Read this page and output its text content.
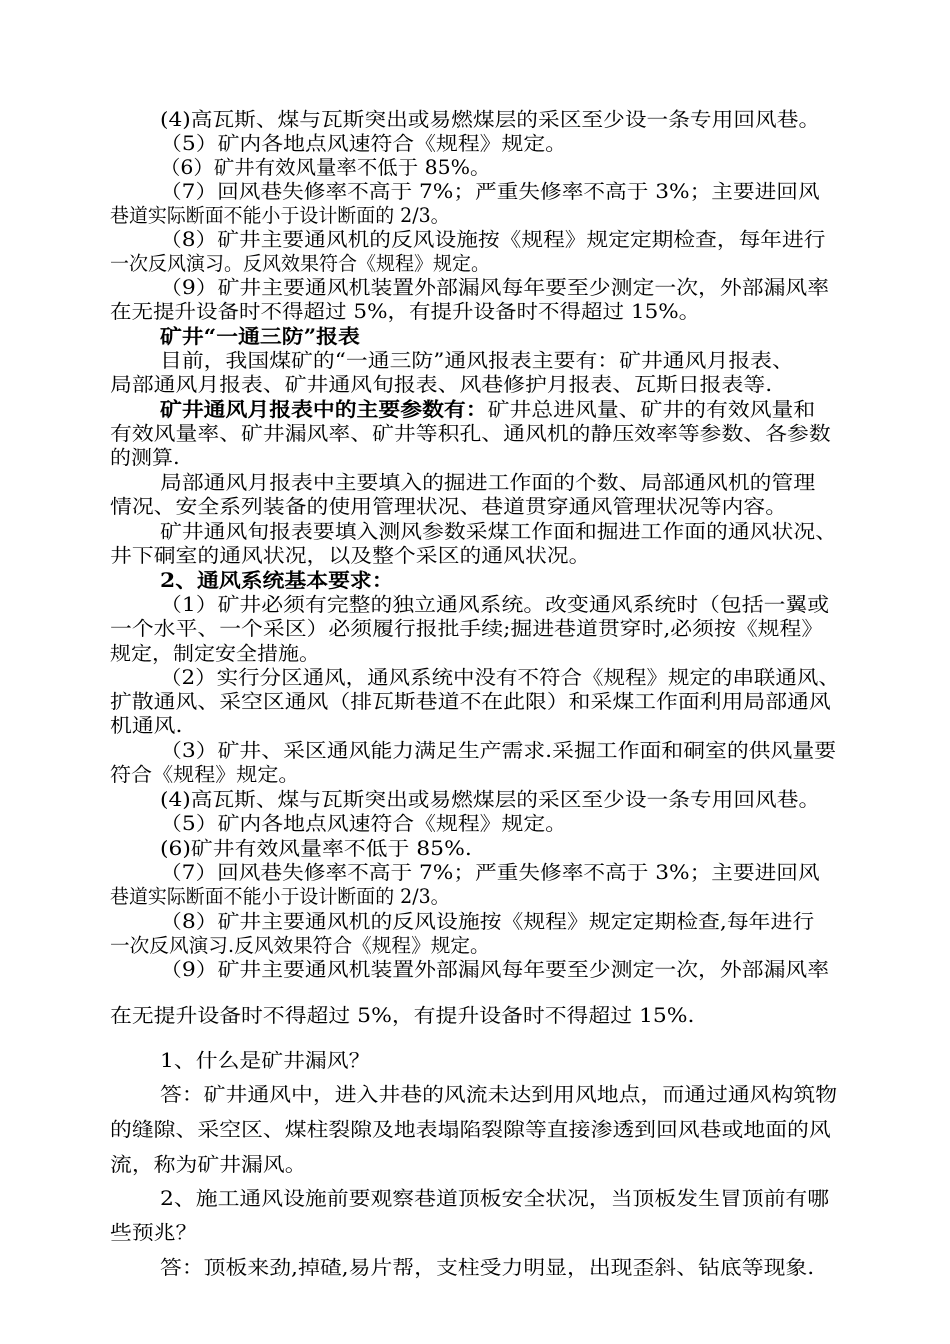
(4)高瓦斯、煤与瓦斯突出或易燃煤层的采区至少设一条专用回风巷。
（5）矿内各地点风速符合《规程》规定。
（6）矿井有效风量率不低于 85%。
（7）回风巷失修率不高于 7%；严重失修率不高于 3%；主要进回风
巷道实际断面不能小于设计断面的 2/3。
（8）矿井主要通风机的反风设施按《规程》规定定期检查，每年进行
一次反风演习。反风效果符合《规程》规定。
（9）矿井主要通风机装置外部漏风每年要至少测定一次，外部漏风率
在无提升设备时不得超过 5%，有提升设备时不得超过 15%。
矿井“一通三防”报表
目前，我国煤矿的“一通三防”通风报表主要有：矿井通风月报表、
局部通风月报表、矿井通风旬报表、风巷修护月报表、瓦斯日报表等.
矿井通风月报表中的主要参数有：矿井总进风量、矿井的有效风量和
有效风量率、矿井漏风率、矿井等积孔、通风机的静压效率等参数、各参数
的测算.
局部通风月报表中主要填入的掘进工作面的个数、局部通风机的管理
情况、安全系列装备的使用管理状况、巷道贯穿通风管理状况等内容。
矿井通风旬报表要填入测风参数采煤工作面和掘进工作面的通风状况、
井下硐室的通风状况，以及整个采区的通风状况。
2、通风系统基本要求：
（1）矿井必须有完整的独立通风系统。改变通风系统时（包括一翼或
一个水平、一个采区）必须履行报批手续;掘进巷道贯穿时,必须按《规程》
规定，制定安全措施。
（2）实行分区通风，通风系统中没有不符合《规程》规定的串联通风、
扩散通风、采空区通风（排瓦斯巷道不在此限）和采煤工作面利用局部通风
机通风.
（3）矿井、采区通风能力满足生产需求.采掘工作面和硐室的供风量要
符合《规程》规定。
(4)高瓦斯、煤与瓦斯突出或易燃煤层的采区至少设一条专用回风巷。
（5）矿内各地点风速符合《规程》规定。
(6)矿井有效风量率不低于 85%.
（7）回风巷失修率不高于 7%；严重失修率不高于 3%；主要进回风
巷道实际断面不能小于设计断面的 2/3。
（8）矿井主要通风机的反风设施按《规程》规定定期检查,每年进行
一次反风演习.反风效果符合《规程》规定。
（9）矿井主要通风机装置外部漏风每年要至少测定一次，外部漏风率
在无提升设备时不得超过 5%，有提升设备时不得超过 15%.
1、什么是矿井漏风？
答：矿井通风中，进入井巷的风流未达到用风地点，而通过通风构筑物
的缝隙、采空区、煤柱裂隙及地表塌陷裂隙等直接渗透到回风巷或地面的风
流，称为矿井漏风。
2、施工通风设施前要观察巷道顶板安全状况，当顶板发生冒顶前有哪
些预兆？
答：顶板来劲,掉碴,易片帮，支柱受力明显，出现歪斜、钻底等现象.
